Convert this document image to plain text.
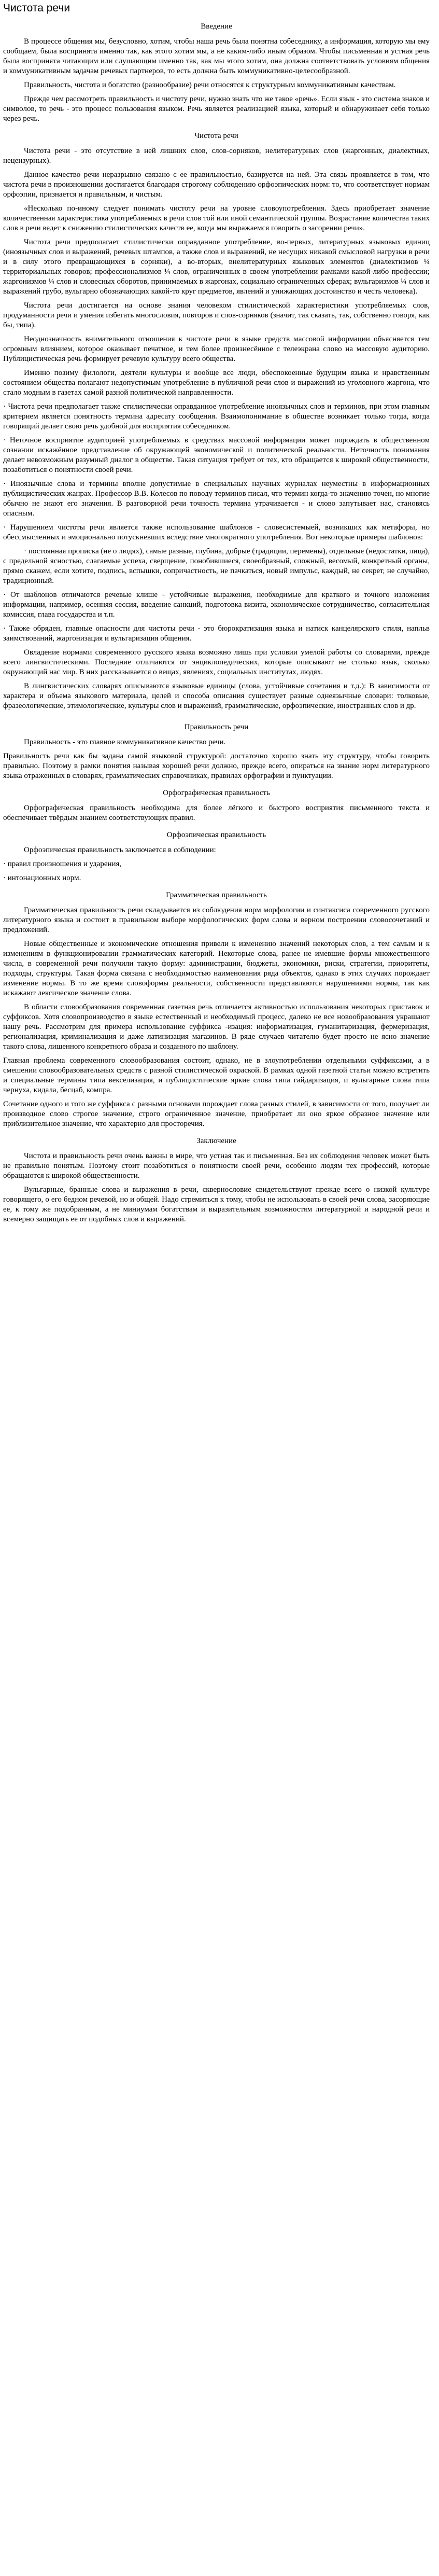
Чистота речи

Введение

В процессе общения мы, безусловно, хотим, чтобы наша речь была понятна собеседнику, а информация, которую мы ему сообщаем, была воспринята именно так, как этого хотим мы, а не каким-либо иным образом. Чтобы письменная и устная речь была воспринята читающим или слушающим именно так, как мы этого хотим, она должна соответствовать условиям общения и коммуникативным задачам речевых партнеров, то есть должна быть коммуникативно-целесообразной.

Правильность, чистота и богатство (разнообразие) речи относятся к структурным коммуникативным качествам.

Прежде чем рассмотреть правильность и чистоту речи, нужно знать что же такое «речь». Если язык - это система знаков и символов, то речь - это процесс пользования языком. Речь является реализацией языка, который и обнаруживает себя только через речь.

Чистота речи

Чистота речи - это отсутствие в ней лишних слов, слов-сорняков, нелитературных слов (жаргонных, диалектных, нецензурных).

Данное качество речи неразрывно связано с ее правильностью, базируется на ней. Эта связь проявляется в том, что чистота речи в произношении достигается благодаря строгому соблюдению орфоэпических норм: то, что соответствует нормам орфоэпии, признается и правильным, и чистым.

«Несколько по-иному следует понимать чистоту речи на уровне словоупотребления. Здесь приобретает значение количественная характеристика употребляемых в речи слов той или иной семантической группы. Возрастание количества таких слов в речи ведет к снижению стилистических качеств ее, когда мы выражаемся говорить о засорении речи».

Чистота речи предполагает стилистически оправданное употребление, во-первых, литературных языковых единиц (иноязычных слов и выражений, речевых штампов, а также слов и выражений, не несущих никакой смысловой нагрузки в речи и в силу этого превращающихся в сорняки), а во-вторых, внелитературных языковых элементов (диалектизмов ¼ территориальных говоров; профессионализмов ¼ слов, ограниченных в своем употреблении рамками какой-либо профессии; жаргонизмов ¼ слов и словесных оборотов, принимаемых в жаргонах, социально ограниченных сферах; вульгаризмов ¼ слов и выражений грубо, вульгарно обозначающих какой-то круг предметов, явлений и унижающих достоинство и честь человека).

Чистота речи достигается на основе знания человеком стилистической характеристики употребляемых слов, продуманности речи и умения избегать многословия, повторов и слов-сорняков (значит, так сказать, так, собственно говоря, как бы, типа).

Неоднозначность внимательного отношения к чистоте речи в языке средств массовой информации объясняется тем огромным влиянием, которое оказывает печатное, и тем более произнесённое с телеэкрана слово на массовую аудиторию. Публицистическая речь формирует речевую культуру всего общества.

Именно позиму филологи, деятели культуры и вообще все люди, обеспокоенные будущим языка и нравственным состоянием общества полагают недопустимым употребление в публичной речи слов и выражений из уголовного жаргона, что стало модным в газетах самой разной политической направленности.

· Чистота речи предполагает также стилистически оправданное употребление иноязычных слов и терминов, при этом главным критерием является понятность термина адресату сообщения. Взаимопонимание в обществе возникает только тогда, когда говорящий делает свою речь удобной для восприятия собеседником.

· Неточное восприятие аудиторией употребляемых в средствах массовой информации может порождать в общественном сознании искажённое представление об окружающей экономической и политической реальности. Неточность понимания делает невозможным разумный диалог в обществе. Такая ситуация требует от тех, кто обращается к широкой общественности, позаботиться о понятности своей речи.

· Иноязычные слова и термины вполне допустимые в специальных научных журналах неуместны в информационных публицистических жанрах. Профессор В.В. Колесов по поводу терминов писал, что термин когда-то значению точен, но многие обычно не знают его значения. В разговорной речи точность термина утрачивается - и слово запутывает нас, становясь опасным.

· Нарушением чистоты речи является также использование шаблонов - словесистемыей, возникших как метафоры, но обессмысленных и эмоционально потускневших вследствие многократного употребления. Вот некоторые примеры шаблонов:

· постоянная прописка (не о людях), самые разные, глубина, добрые (традиции, перемены), отдельные (недостатки, лица), с предельной ясностью, слагаемые успеха, сверщение, понобившиеся, своеобразный, сложный, весомый, конкретный органы, прямо скажем, если хотите, подпись, вспышки, сопричастность, не пачкаться, новый импульс, каждый, не секрет, не случайно, традиционный.

· От шаблонов отличаются речевые клише - устойчивые выражения, необходимые для краткого и точного изложения информации, например, осенняя сессия, введение санкций, подготовка визита, экономическое сотрудничество, согласительная комиссия, глава государства и т.п.

· Также обряден, главные опасности для чистоты речи - это бюрократизация языка и натиск канцелярского стиля, напльв заимствований, жаргонизация и вульгаризация общения.

Овладение нормами современного русского языка возможно лишь при условии умелой работы со словарями, прежде всего лингвистическими. Последние отличаются от энциклопедических, которые описывают не столько язык, сколько окружающий нас мир. В них рассказывается о вещах, явлениях, социальных институтах, людях.

В лингвистических словарях описываются языковые единицы (слова, устойчивые сочетания и т.д.): В зависимости от характера и объема языкового материала, целей и способа описания существует разные однеязычные словари: толковые, фразеологические, этимологические, культуры слов и выражений, грамматические, орфоэпические, иностранных слов и др.

Правильность речи

Правильность - это главное коммуникативное качество речи.

Правильность речи как бы задана самой языковой структурой: достаточно хорошо знать эту структуру, чтобы говорить правильно. Поэтому в рамки понятия называя хорошей речи должно, прежде всего, опираться на знание норм литературного языка отраженных в словарях, грамматических справочниках, правилах орфографии и пунктуации.

Орфографическая правильность

Орфографическая правильность необходима для более лёгкого и быстрого восприятия письменного текста и обеспечивает твёрдым знанием соответствующих правил.

Орфоэпическая правильность

Орфоэпическая правильность заключается в соблюдении:

· правил произношения и ударения,

· интонационных норм.

Грамматическая правильность

Грамматическая правильность речи складывается из соблюдения норм морфологии и синтаксиса современного русского литературного языка и состоит в правильном выборе морфологических форм слова и верном построении словосочетаний и предложений.

Новые общественные и экономические отношения привели к изменению значений некоторых слов, а тем самым и к изменениям в функционировании грамматических категорий. Некоторые слова, ранее не имевшие формы множественного числа, в современной речи получили такую форму: администрации, бюджеты, экономики, риски, стратегии, приоритеты, подходы, структуры. Такая форма связана с необходимостью наименования ряда объектов, однако в этих случаях порождает изменение нормы. В то же время словоформы реальности, собственности представляются нарушениями нормы, так как искажают лексическое значение слова.

В области словообразования современная газетная речь отличается активностью использования некоторых приставок и суффиксов. Хотя словопроизводство в языке естественный и необходимый процесс, далеко не все новообразования украшают нашу речь. Рассмотрим для примера использование суффикса -изация: информатизация, гуманитаризация, фермеризация, регионализация, криминализация и даже латинизация магазинов. В ряде случаев читателю будет просто не ясно значение такого слова, лишенного конкретного образа и созданного по шаблону.

Главная проблема современного словообразования состоит, однако, не в злоупотреблении отдельными суффиксами, а в смешении словообразовательных средств с разной стилистической окраской. В рамках одной газетной статьи можно встретить и специальные термины типа векселизация, и публицистические яркие слова типа гайдаризация, и вульгарные слова типа чернуха, кидала, бесцаб, компра.

Сочетание одного и того же суффикса с разными основами порождает слова разных стилей, в зависимости от того, получает ли производное слово строгое значение, строго ограниченное значение, приобретает ли оно яркое образное значение или приблизительное значение, что характерно для просторечия.

Заключение

Чистота и правильность речи очень важны в мире, что устная так и письменная. Без их соблюдения человек может быть не правильно понятым. Поэтому стоит позаботиться о понятности своей речи, особенно людям тех профессий, которые обращаются к широкой общественности.

Вульгарные, бранные слова и выражения в речи, сквернословие свидетельствуют прежде всего о низкой культуре говорящего, о его бедном речевой, но и общей. Надо стремиться к тому, чтобы не использовать в своей речи слова, засоряющие ее, к тому же подобранным, а не миниумам богатствам и выразительным возможностям литературной и народной речи и всемерно защищать ее от подобных слов и выражений.
